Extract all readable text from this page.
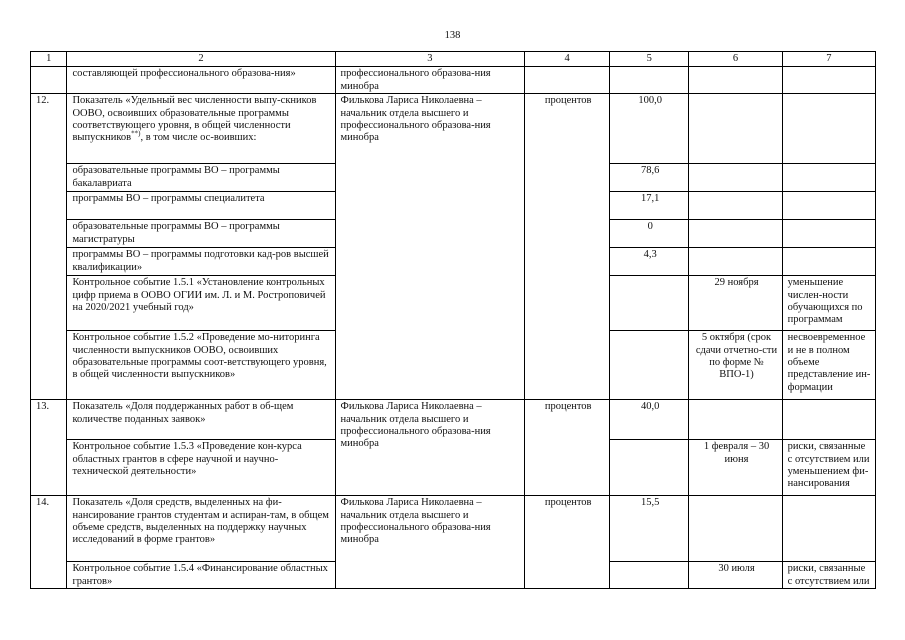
138
1	2	3	4	5	6	7
	составляющей профессионального образова-ния»	профессионального образова-ния минобра				
12.	Показатель «Удельный вес численности выпу-скников ООВО, освоивших образовательные программы соответствующего уровня, в общей численности выпускников**), в том числе ос-воивших:	Филькова Лариса Николаевна – начальник отдела высшего и профессионального образова-ния минобра	процентов	100,0		
	образовательные программы ВО – программы бакалавриата			78,6		
	программы ВО – программы специалитета			17,1		
	образовательные программы ВО – программы магистратуры			0		
	программы ВО – программы подготовки кад-ров высшей квалификации»			4,3		
	Контрольное событие 1.5.1 «Установление контрольных цифр приема в ООВО ОГИИ им. Л. и М. Ростроповичей на 2020/2021 учебный год»				29 ноября	уменьшение числен-ности обучающихся по программам
	Контрольное событие 1.5.2 «Проведение мо-ниторинга численности выпускников ООВО, освоивших образовательные программы соот-ветствующего уровня, в общей численности выпускников»				5 октября (срок сдачи отчетно-сти по форме № ВПО-1)	несвоевременное и не в полном объеме представление ин-формации
13.	Показатель «Доля поддержанных работ в об-щем количестве поданных заявок»	Филькова Лариса Николаевна – начальник отдела высшего и профессионального образова-ния минобра	процентов	40,0		
	Контрольное событие 1.5.3 «Проведение кон-курса областных грантов в сфере научной и научно-технической деятельности»				1 февраля – 30 июня	риски, связанные с отсутствием или уменьшением фи-нансирования
14.	Показатель «Доля средств, выделенных на фи-нансирование грантов студентам и аспиран-там, в общем объеме средств, выделенных на поддержку научных исследований в форме грантов»	Филькова Лариса Николаевна – начальник отдела высшего и профессионального образова-ния минобра	процентов	15,5		
	Контрольное событие 1.5.4 «Финансирование областных грантов»				30 июля	риски, связанные с отсутствием или
